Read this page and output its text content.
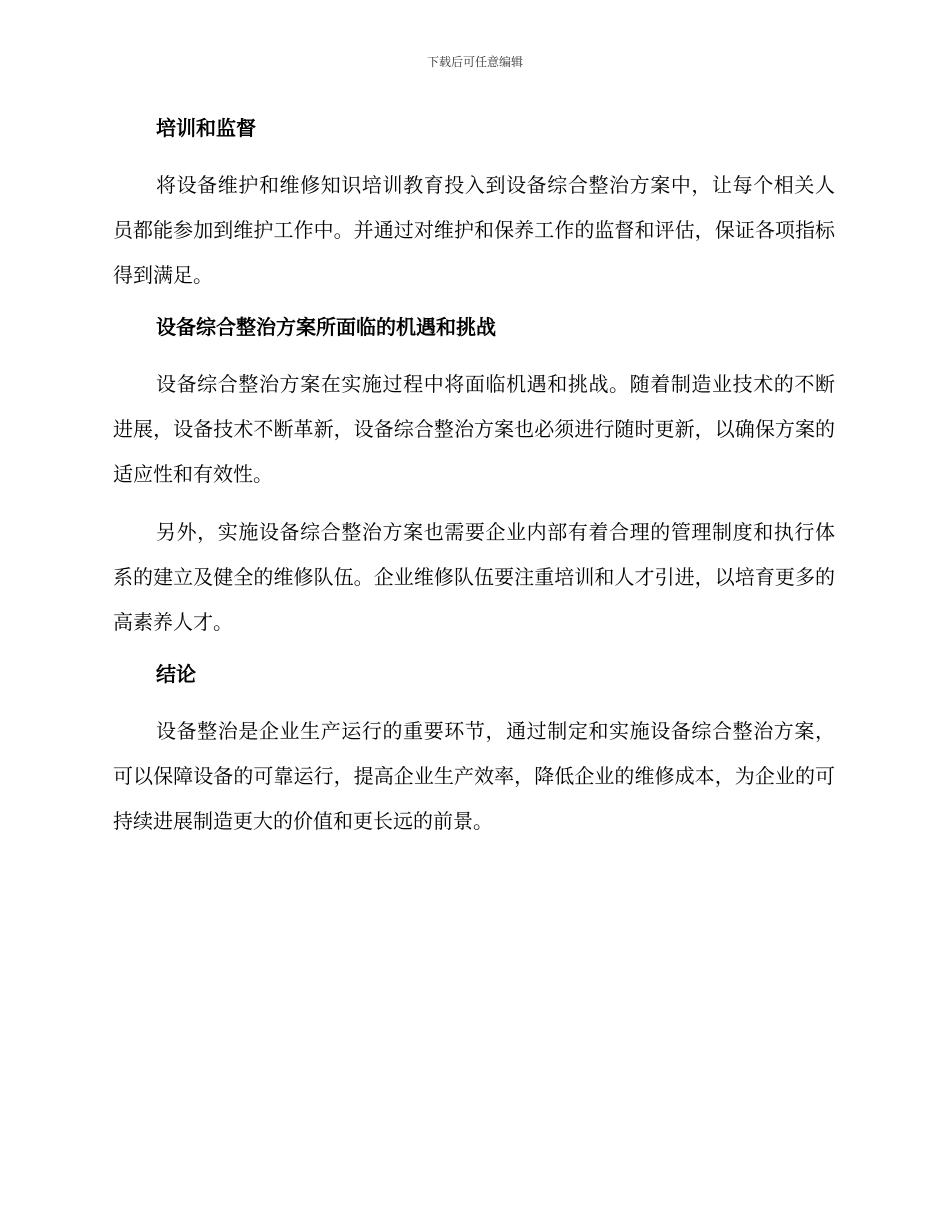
下载后可任意编辑
培训和监督

将设备维护和维修知识培训教育投入到设备综合整治方案中，让每个相关人员都能参加到维护工作中。并通过对维护和保养工作的监督和评估，保证各项指标得到满足。

设备综合整治方案所面临的机遇和挑战

设备综合整治方案在实施过程中将面临机遇和挑战。随着制造业技术的不断进展，设备技术不断革新，设备综合整治方案也必须进行随时更新，以确保方案的适应性和有效性。

另外，实施设备综合整治方案也需要企业内部有着合理的管理制度和执行体系的建立及健全的维修队伍。企业维修队伍要注重培训和人才引进，以培育更多的高素养人才。

结论

设备整治是企业生产运行的重要环节，通过制定和实施设备综合整治方案，可以保障设备的可靠运行，提高企业生产效率，降低企业的维修成本，为企业的可持续进展制造更大的价值和更长远的前景。
